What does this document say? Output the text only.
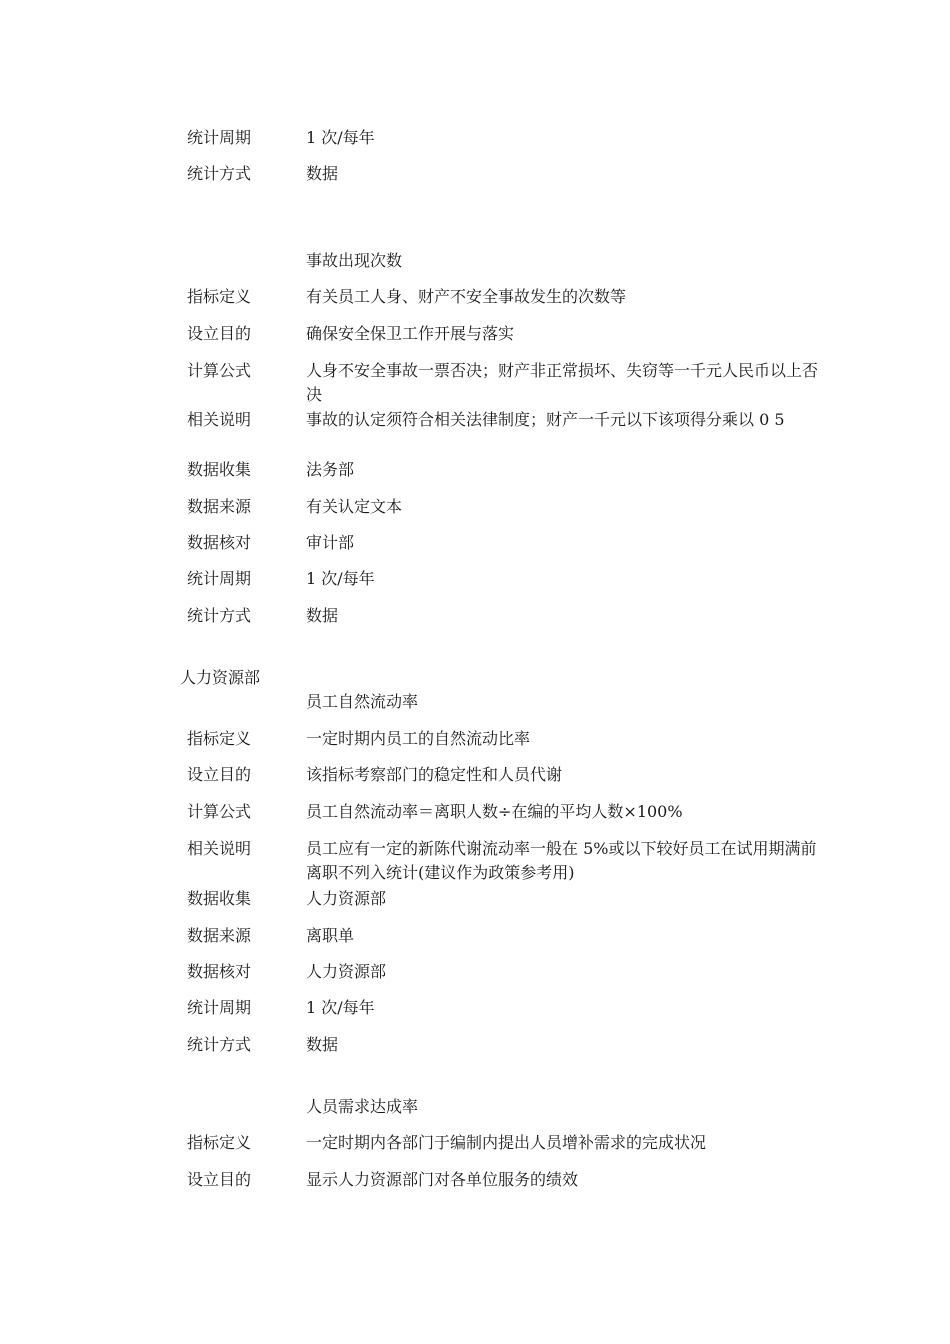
统计周期	1 次/每年
统计方式	数据
事故出现次数
指标定义	有关员工人身、财产不安全事故发生的次数等
设立目的	确保安全保卫工作开展与落实
计算公式	人身不安全事故一票否决；财产非正常损坏、失窃等一千元人民币以上否决
相关说明	事故的认定须符合相关法律制度；财产一千元以下该项得分乘以 0 5
数据收集	法务部
数据来源	有关认定文本
数据核对	审计部
统计周期	1 次/每年
统计方式	数据
人力资源部
员工自然流动率
指标定义	一定时期内员工的自然流动比率
设立目的	该指标考察部门的稳定性和人员代谢
计算公式	员工自然流动率＝离职人数÷在编的平均人数×100%
相关说明	员工应有一定的新陈代谢流动率一般在 5%或以下较好员工在试用期满前离职不列入统计(建议作为政策参考用)
数据收集	人力资源部
数据来源	离职单
数据核对	人力资源部
统计周期	1 次/每年
统计方式	数据
人员需求达成率
指标定义	一定时期内各部门于编制内提出人员增补需求的完成状况
设立目的	显示人力资源部门对各单位服务的绩效
